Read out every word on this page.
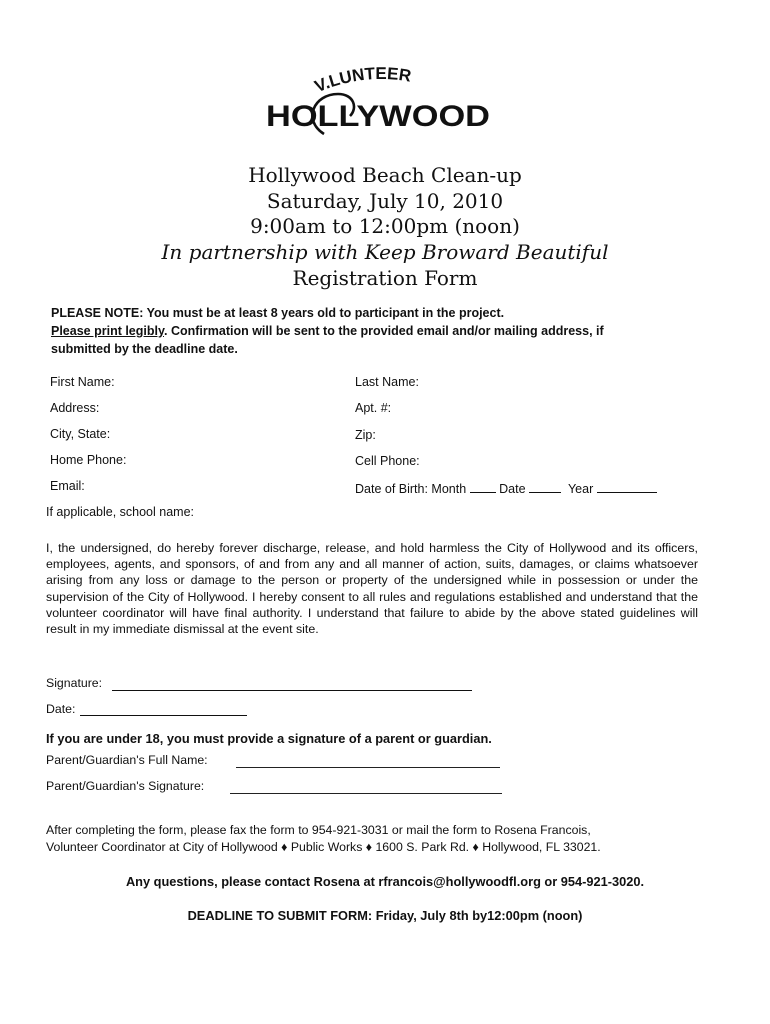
V.LUNTEER
HOLLYWOOD
Hollywood Beach Clean-up
Saturday, July 10, 2010
9:00am to 12:00pm (noon)
In partnership with Keep Broward Beautiful
Registration Form
PLEASE NOTE: You must be at least 8 years old to participant in the project.
Please print legibly. Confirmation will be sent to the provided email and/or mailing address, if
submitted by the deadline date.
First Name:	Last Name:
Address:	Apt. #:
City, State:	Zip:
Home Phone:	Cell Phone:
Email:	Date of Birth: Month	Date	Year
If applicable, school name:
I, the undersigned, do hereby forever discharge, release, and hold harmless the City of Hollywood and its officers, employees, agents, and sponsors, of and from any and all manner of action, suits, damages, or claims whatsoever arising from any loss or damage to the person or property of the undersigned while in possession or under the supervision of the City of Hollywood. I hereby consent to all rules and regulations established and understand that the volunteer coordinator will have final authority. I understand that failure to abide by the above stated guidelines will result in my immediate dismissal at the event site.
Signature:
Date:
If you are under 18, you must provide a signature of a parent or guardian.
Parent/Guardian's Full Name:
Parent/Guardian's Signature:
After completing the form, please fax the form to 954-921-3031 or mail the form to Rosena Francois,
Volunteer Coordinator at City of Hollywood ♦ Public Works ♦ 1600 S. Park Rd. ♦ Hollywood, FL 33021.
Any questions, please contact Rosena at rfrancois@hollywoodfl.org or 954-921-3020.
DEADLINE TO SUBMIT FORM: Friday, July 8th by12:00pm (noon)
